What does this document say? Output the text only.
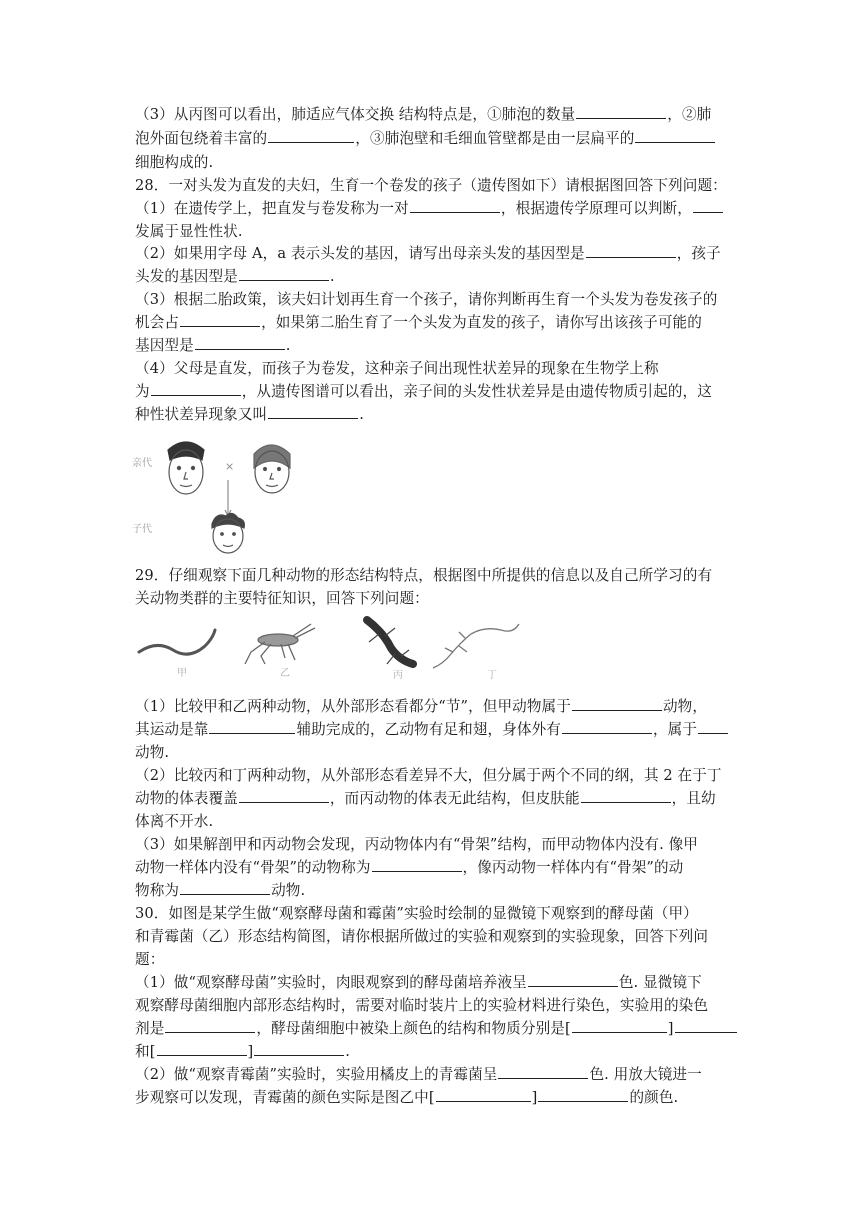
（3）从丙图可以看出，肺适应气体交换 结构特点是，①肺泡的数量	，②肺
泡外面包绕着丰富的	，③肺泡壁和毛细血管壁都是由一层扁平的
细胞构成的.
28．一对头发为直发的夫妇，生育一个卷发的孩子（遗传图如下）请根据图回答下列问题：
（1）在遗传学上，把直发与卷发称为一对	，根据遗传学原理可以判断，
发属于显性性状.
（2）如果用字母 A，a 表示头发的基因，请写出母亲头发的基因型是	，孩子
头发的基因型是	.
（3）根据二胎政策，该夫妇计划再生育一个孩子，请你判断再生育一个头发为卷发孩子的
机会占	，如果第二胎生育了一个头发为直发的孩子，请你写出该孩子可能的
基因型是	.
（4）父母是直发，而孩子为卷发，这种亲子间出现性状差异的现象在生物学上称
为	，从遗传图谱可以看出，亲子间的头发性状差异是由遗传物质引起的，这
种性状差异现象又叫	.
亲代
子代
×
29．仔细观察下面几种动物的形态结构特点，根据图中所提供的信息以及自己所学习的有
关动物类群的主要特征知识，回答下列问题：
甲	乙	丙	丁
（1）比较甲和乙两种动物，从外部形态看都分“节”，但甲动物属于	动物，
其运动是靠	辅助完成的，乙动物有足和翅，身体外有	，属于
动物.
（2）比较丙和丁两种动物，从外部形态看差异不大，但分属于两个不同的纲，其 2 在于丁
动物的体表覆盖	，而丙动物的体表无此结构，但皮肤能	，且幼
体离不开水.
（3）如果解剖甲和丙动物会发现，丙动物体内有“骨架”结构，而甲动物体内没有. 像甲
动物一样体内没有“骨架”的动物称为	，像丙动物一样体内有“骨架”的动
物称为	动物.
30．如图是某学生做“观察酵母菌和霉菌”实验时绘制的显微镜下观察到的酵母菌（甲）
和青霉菌（乙）形态结构简图，请你根据所做过的实验和观察到的实验现象，回答下列问
题：
（1）做“观察酵母菌”实验时，肉眼观察到的酵母菌培养液呈	色. 显微镜下
观察酵母菌细胞内部形态结构时，需要对临时装片上的实验材料进行染色，实验用的染色
剂是	，酵母菌细胞中被染上颜色的结构和物质分别是[	]
和[	]	.
（2）做“观察青霉菌”实验时，实验用橘皮上的青霉菌呈	色. 用放大镜进一
步观察可以发现，青霉菌的颜色实际是图乙中[	]	的颜色.
